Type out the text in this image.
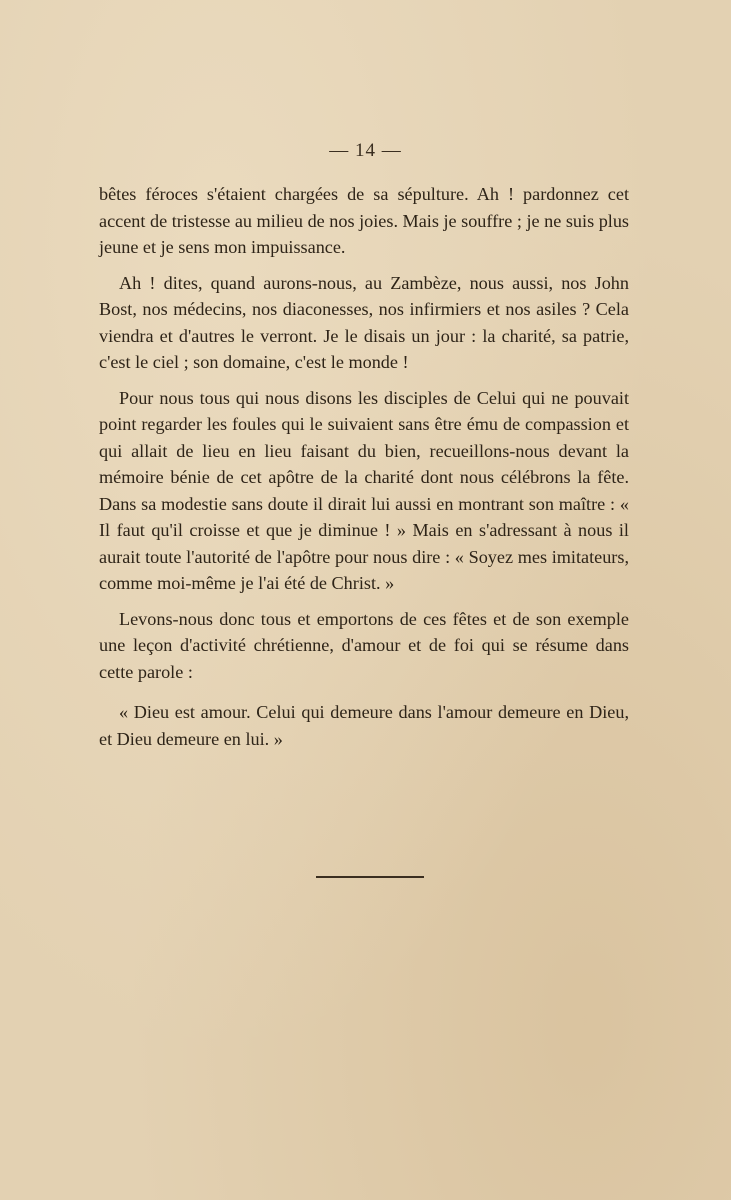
— 14 —

bêtes féroces s'étaient chargées de sa sépulture. Ah ! pardonnez cet accent de tristesse au milieu de nos joies. Mais je souffre ; je ne suis plus jeune et je sens mon impuissance.

Ah ! dites, quand aurons-nous, au Zambèze, nous aussi, nos John Bost, nos médecins, nos diaconesses, nos infirmiers et nos asiles ? Cela viendra et d'autres le verront. Je le disais un jour : la charité, sa patrie, c'est le ciel ; son domaine, c'est le monde !

Pour nous tous qui nous disons les disciples de Celui qui ne pouvait point regarder les foules qui le suivaient sans être ému de compassion et qui allait de lieu en lieu faisant du bien, recueillons-nous devant la mémoire bénie de cet apôtre de la charité dont nous célébrons la fête. Dans sa modestie sans doute il dirait lui aussi en montrant son maître : « Il faut qu'il croisse et que je diminue ! » Mais en s'adressant à nous il aurait toute l'autorité de l'apôtre pour nous dire : « Soyez mes imitateurs, comme moi-même je l'ai été de Christ. »

Levons-nous donc tous et emportons de ces fêtes et de son exemple une leçon d'activité chrétienne, d'amour et de foi qui se résume dans cette parole :

« Dieu est amour. Celui qui demeure dans l'amour demeure en Dieu, et Dieu demeure en lui. »
